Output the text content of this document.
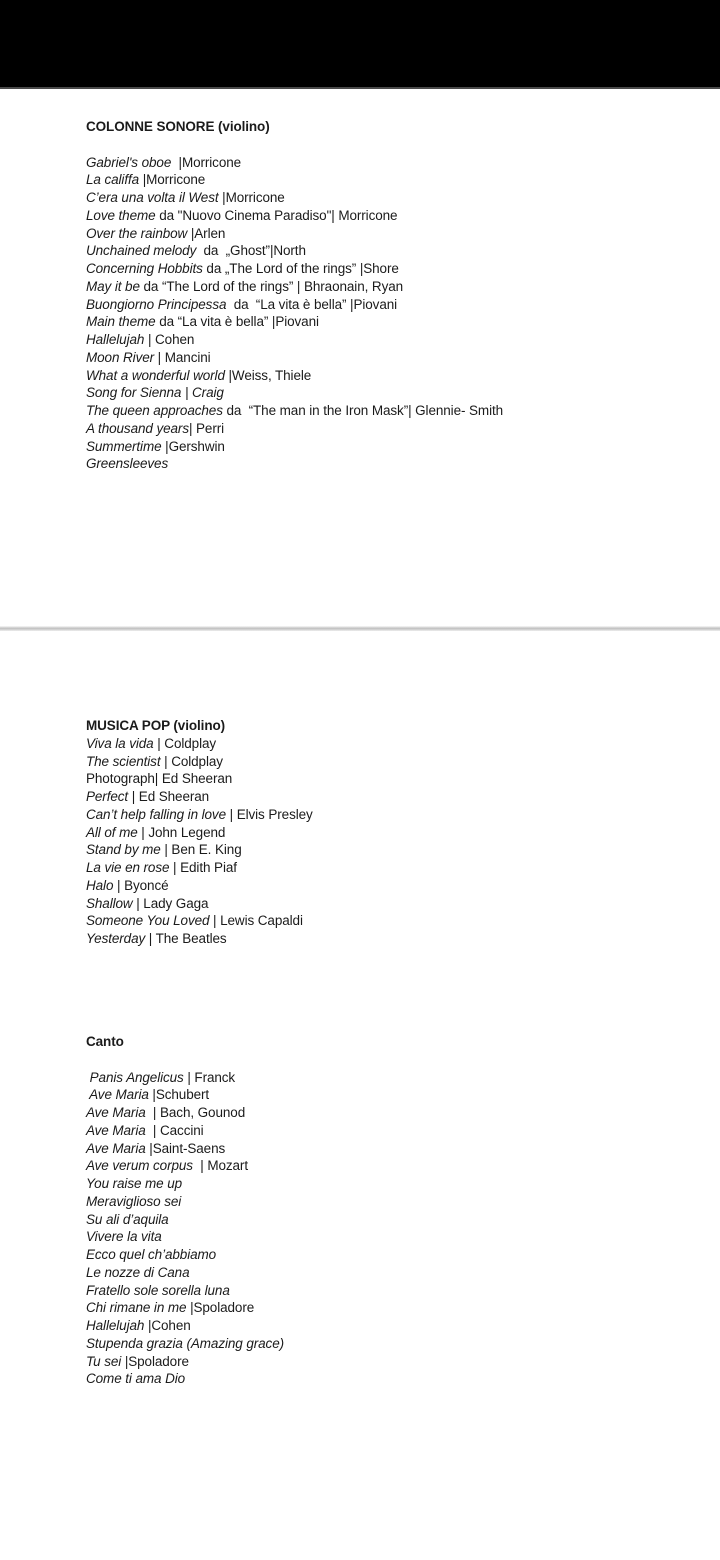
COLONNE SONORE (violino)

Gabriel's oboe  |Morricone

La califfa |Morricone

C’era una volta il West |Morricone

Love theme da "Nuovo Cinema Paradiso"| Morricone

Over the rainbow |Arlen

Unchained melody  da  „Ghost”|North

Concerning Hobbits da „The Lord of the rings” |Shore

May it be da “The Lord of the rings” | Bhraonain, Ryan

Buongiorno Principessa  da  “La vita è bella” |Piovani

Main theme da “La vita è bella” |Piovani

Hallelujah | Cohen

Moon River | Mancini

What a wonderful world |Weiss, Thiele

Song for Sienna | Craig

The queen approaches da  “The man in the Iron Mask”| Glennie- Smith

A thousand years| Perri

Summertime |Gershwin

Greensleeves

MUSICA POP (violino)

Viva la vida | Coldplay

The scientist | Coldplay

Photograph| Ed Sheeran

Perfect | Ed Sheeran

Can’t help falling in love | Elvis Presley

All of me | John Legend

Stand by me | Ben E. King

La vie en rose | Edith Piaf

Halo | Byoncé

Shallow | Lady Gaga

Someone You Loved | Lewis Capaldi

Yesterday | The Beatles

Canto

Panis Angelicus | Franck

Ave Maria |Schubert

Ave Maria  | Bach, Gounod

Ave Maria  | Caccini

Ave Maria |Saint-Saens

Ave verum corpus  | Mozart

You raise me up

Meraviglioso sei

Su ali d’aquila

Vivere la vita

Ecco quel ch’abbiamo

Le nozze di Cana

Fratello sole sorella luna

Chi rimane in me |Spoladore

Hallelujah |Cohen

Stupenda grazia (Amazing grace)

Tu sei |Spoladore

Come ti ama Dio
